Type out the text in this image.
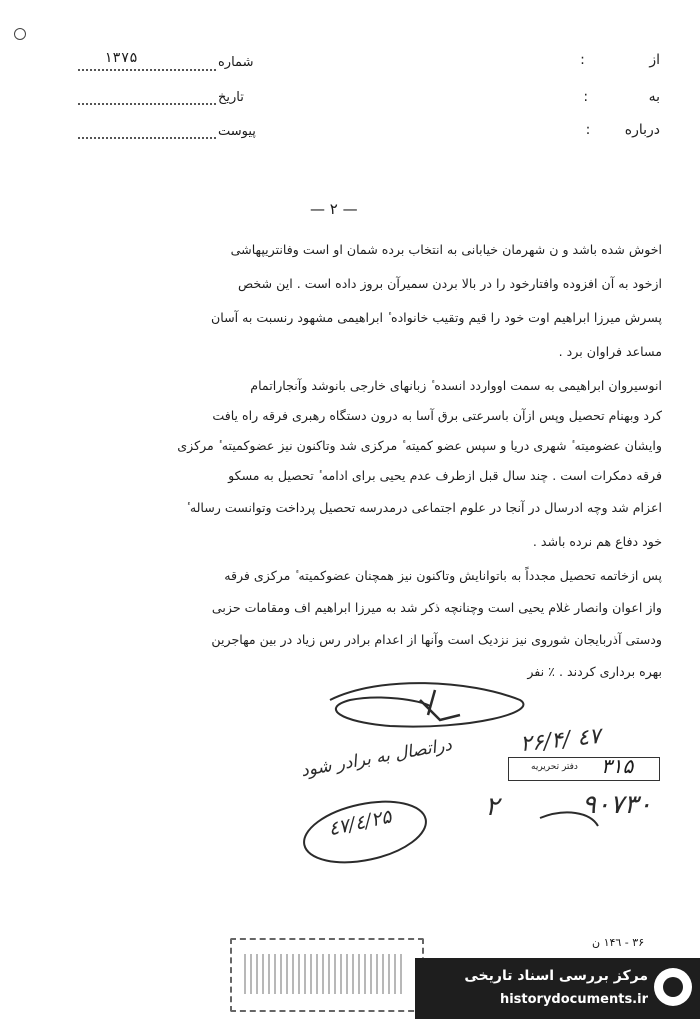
از :
به :
درباره :
شماره
١٣٧۵
تاریخ
پیوست
— ٢ —
اخوش شده باشد و ن شهرمان خیابانی به انتخاب برده شمان او است وفانتریپهاشی
ازخود به آن افزوده وافتارخود را در بالا بردن سمیرآن بروز داده است . این شخص
پسرش میرزا ابراهیم اوت خود را قیم وتقیب خانواده ٔ ابراهیمی مشهود رنسبت به آسان
مساعد فراوان برد .
انوسیروان ابراهیمی به سمت اوواردد انسده ٔ زبانهای خارجی بانوشد وآنجاراتمام
کرد وبهنام تحصیل وپس ازآن باسرعتی برق آسا به درون دستگاه رهبری فرقه راه یافت
وایشان عضومیته ٔ شهری دریا و سپس عضو کمیته ٔ مرکزی شد وتاکنون نیز عضوکمیته ٔ مرکزی
فرقه دمکرات است . چند سال قبل ازطرف عدم یحیی برای ادامه ٔ تحصیل به مسکو
اعزام شد وچه ادرسال در آنجا در علوم اجتماعی درمدرسه تحصیل پرداخت وتوانست رساله ٔ
خود دفاع هم نرده باشد .
پس ازخاتمه تحصیل مجدداً به باتوانایش وتاکنون نیز همچنان عضوکمیته ٔ مرکزی فرقه
واز اعوان وانصار غلام یحیی است وچنانچه ذکر شد به میرزا ابراهیم اف ومقامات حزبی
ودستی آذربایجان شوروی نیز نزدیک است وآنها از اعدام برادر رس زیاد در بین مهاجرین
بهره برداری کردند . ٪ نفر
٢۶/۴/ ٤٧
دفتر تحریریه ٣١۵
٩٠٧٣٠
دراتصال به برادر شود
٤٧/٤/٢۵	٢
٣۶ - ١۴٦ ن
مرکز بررسی اسناد تاریخی
historydocuments.ir
